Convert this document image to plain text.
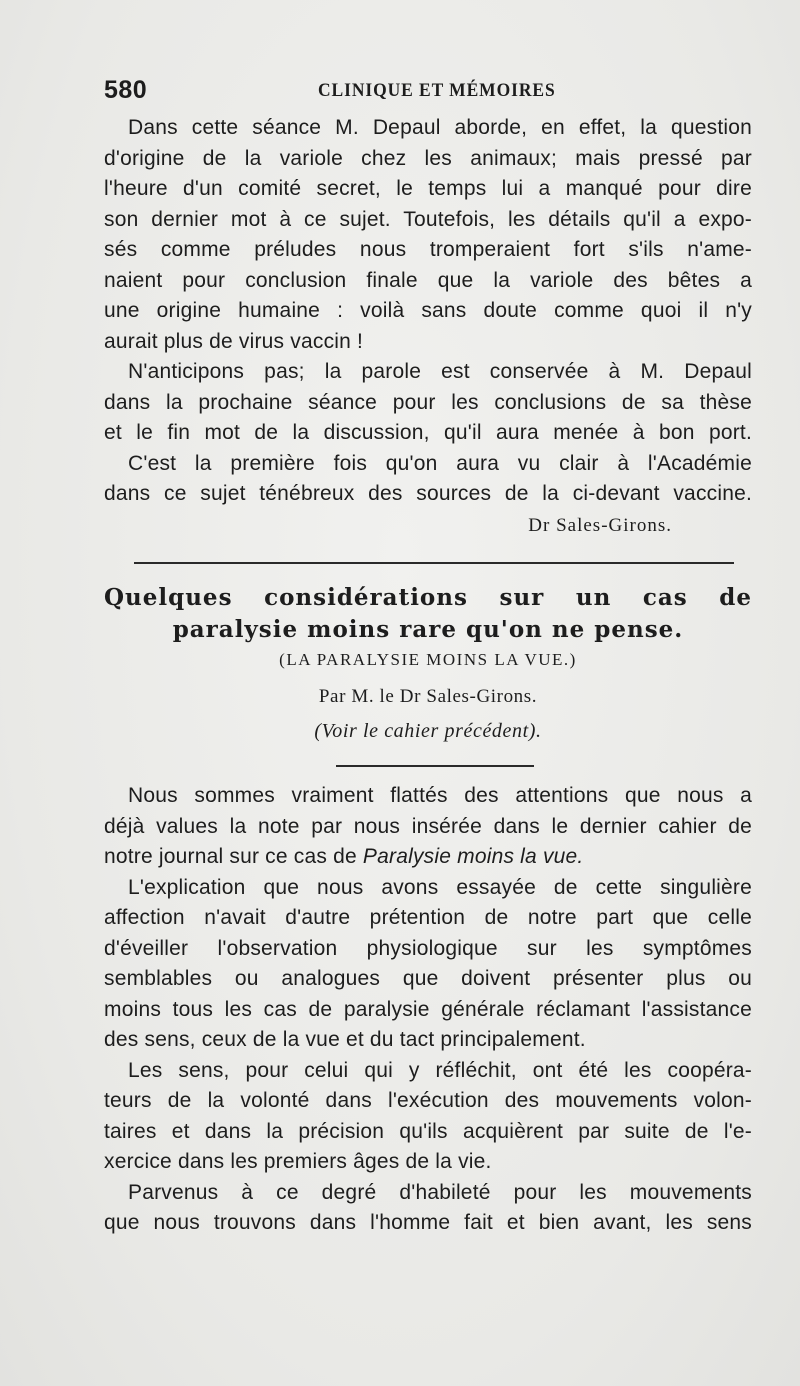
580	CLINIQUE ET MÉMOIRES
Dans cette séance M. Depaul aborde, en effet, la question
d'origine de la variole chez les animaux; mais pressé par
l'heure d'un comité secret, le temps lui a manqué pour dire
son dernier mot à ce sujet. Toutefois, les détails qu'il a expo-
sés comme préludes nous tromperaient fort s'ils n'ame-
naient pour conclusion finale que la variole des bêtes a
une origine humaine : voilà sans doute comme quoi il n'y
aurait plus de virus vaccin !
N'anticipons pas; la parole est conservée à M. Depaul
dans la prochaine séance pour les conclusions de sa thèse
et le fin mot de la discussion, qu'il aura menée à bon port.
C'est la première fois qu'on aura vu clair à l'Académie
dans ce sujet ténébreux des sources de la ci-devant vaccine.
Dr Sales-Girons.
Quelques considérations sur un cas de
paralysie moins rare qu'on ne pense.
(LA PARALYSIE MOINS LA VUE.)
Par M. le Dr Sales-Girons.
(Voir le cahier précédent).
Nous sommes vraiment flattés des attentions que nous a
déjà values la note par nous insérée dans le dernier cahier de
notre journal sur ce cas de Paralysie moins la vue.
L'explication que nous avons essayée de cette singulière
affection n'avait d'autre prétention de notre part que celle
d'éveiller l'observation physiologique sur les symptômes
semblables ou analogues que doivent présenter plus ou
moins tous les cas de paralysie générale réclamant l'assistance
des sens, ceux de la vue et du tact principalement.
Les sens, pour celui qui y réfléchit, ont été les coopéra-
teurs de la volonté dans l'exécution des mouvements volon-
taires et dans la précision qu'ils acquièrent par suite de l'e-
xercice dans les premiers âges de la vie.
Parvenus à ce degré d'habileté pour les mouvements
que nous trouvons dans l'homme fait et bien avant, les sens
